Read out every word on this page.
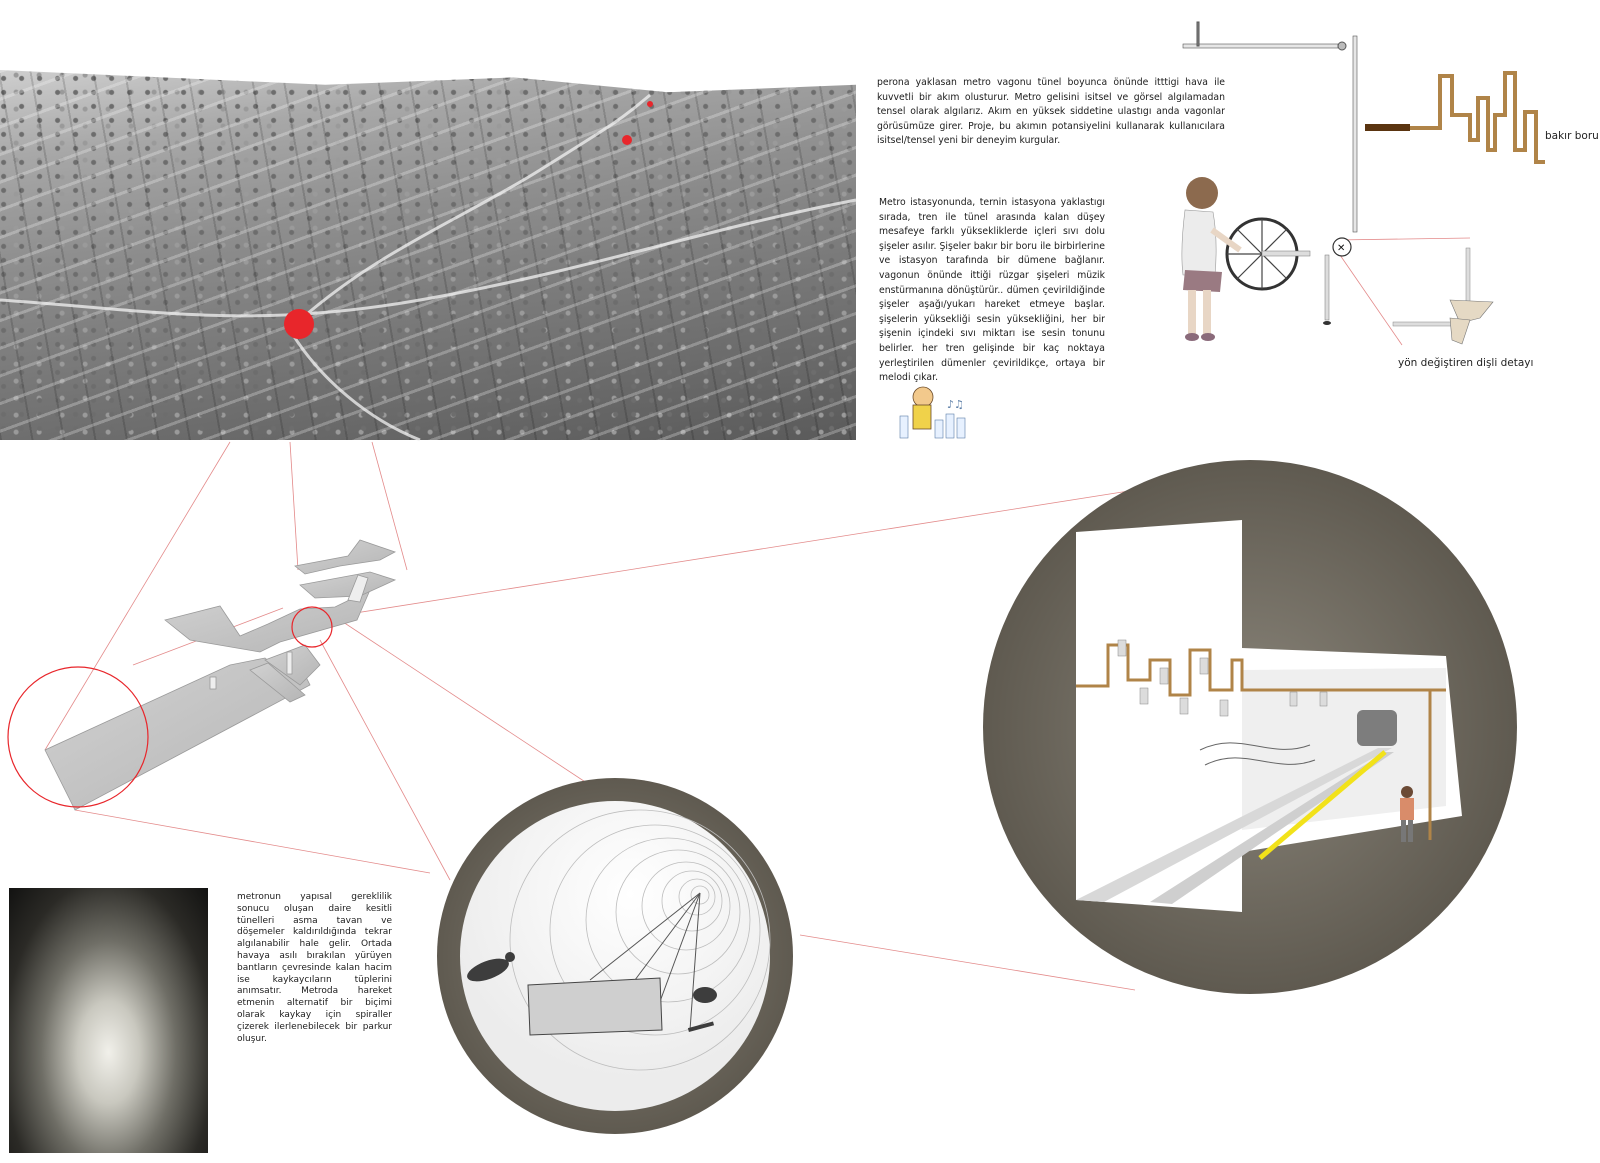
✕
♪♫

perona yaklasan metro vagonu tünel boyunca önünde itttigi hava ile kuvvetli bir akım olusturur. Metro gelisini isitsel ve görsel algılamadan tensel olarak algılarız. Akım en yüksek siddetine ulastıgı anda vagonlar görüsümüze girer. Proje, bu akımın potansiyelini kullanarak kullanıcılara isitsel/tensel yeni bir deneyim kurgular.

Metro istasyonunda, ternin istasyona yaklastıgı sırada, tren ile tünel arasında kalan düşey mesafeye farklı yüksekliklerde içleri sıvı dolu şişeler asılır. Şişeler bakır bir boru ile birbirlerine ve istasyon tarafında bir dümene bağlanır. vagonun önünde ittiği rüzgar şişeleri müzik enstürmanına dönüştürür.. dümen çevirildiğinde şişeler aşağı/yukarı hareket etmeye başlar. şişelerin yüksekliği sesin yüksekliğini, her bir şişenin içindeki sıvı miktarı ise sesin tonunu belirler. her tren gelişinde bir kaç noktaya yerleştirilen dümenler çevirildikçe, ortaya bir melodi çıkar.

metronun yapısal gereklilik sonucu oluşan daire kesitli tünelleri asma tavan ve döşemeler kaldırıldığında tekrar algılanabilir hale gelir. Ortada havaya asılı bırakılan yürüyen bantların çevresinde kalan hacim ise kaykaycıların tüplerini anımsatır. Metroda hareket etmenin alternatif bir biçimi olarak kaykay için spiraller çizerek ilerlenebilecek bir parkur oluşur.

bakır boru
yön değiştiren dişli detayı
